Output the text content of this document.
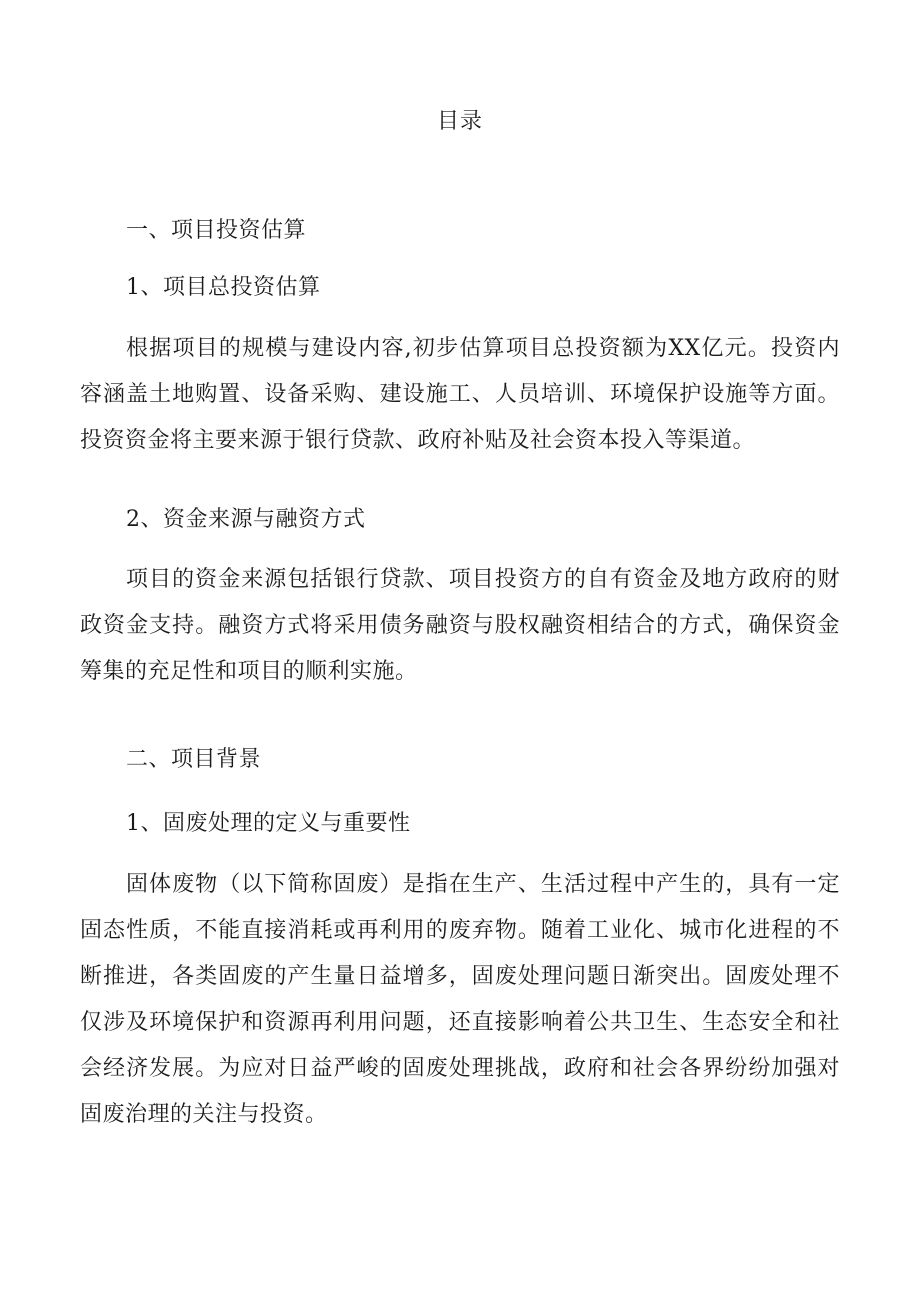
目录
一、项目投资估算
1、项目总投资估算
根据项目的规模与建设内容,初步估算项目总投资额为XX亿元。投资内容涵盖土地购置、设备采购、建设施工、人员培训、环境保护设施等方面。投资资金将主要来源于银行贷款、政府补贴及社会资本投入等渠道。
2、资金来源与融资方式
项目的资金来源包括银行贷款、项目投资方的自有资金及地方政府的财政资金支持。融资方式将采用债务融资与股权融资相结合的方式，确保资金筹集的充足性和项目的顺利实施。
二、项目背景
1、固废处理的定义与重要性
固体废物（以下简称固废）是指在生产、生活过程中产生的，具有一定固态性质，不能直接消耗或再利用的废弃物。随着工业化、城市化进程的不断推进，各类固废的产生量日益增多，固废处理问题日渐突出。固废处理不仅涉及环境保护和资源再利用问题，还直接影响着公共卫生、生态安全和社会经济发展。为应对日益严峻的固废处理挑战，政府和社会各界纷纷加强对固废治理的关注与投资。
